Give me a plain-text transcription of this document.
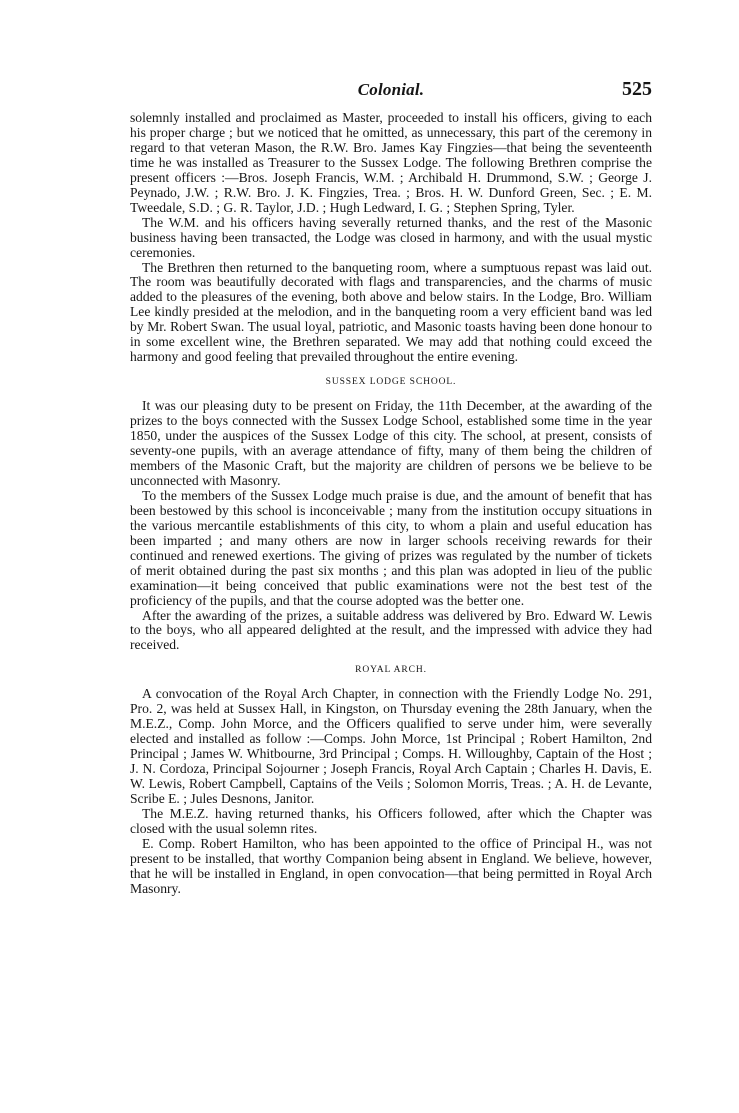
Colonial.	525

solemnly installed and proclaimed as Master, proceeded to install his officers, giving to each his proper charge ; but we noticed that he omitted, as unnecessary, this part of the ceremony in regard to that veteran Mason, the R.W. Bro. James Kay Fingzies—that being the seventeenth time he was installed as Treasurer to the Sussex Lodge. The following Brethren comprise the present officers :—Bros. Joseph Francis, W.M. ; Archibald H. Drummond, S.W. ; George J. Peynado, J.W. ; R.W. Bro. J. K. Fingzies, Trea. ; Bros. H. W. Dunford Green, Sec. ; E. M. Tweedale, S.D. ; G. R. Taylor, J.D. ; Hugh Ledward, I. G. ; Stephen Spring, Tyler.

The W.M. and his officers having severally returned thanks, and the rest of the Masonic business having been transacted, the Lodge was closed in harmony, and with the usual mystic ceremonies.

The Brethren then returned to the banqueting room, where a sumptuous repast was laid out. The room was beautifully decorated with flags and transparencies, and the charms of music added to the pleasures of the evening, both above and below stairs. In the Lodge, Bro. William Lee kindly presided at the melodion, and in the banqueting room a very efficient band was led by Mr. Robert Swan. The usual loyal, patriotic, and Masonic toasts having been done honour to in some excellent wine, the Brethren separated. We may add that nothing could exceed the harmony and good feeling that prevailed throughout the entire evening.

SUSSEX LODGE SCHOOL.

It was our pleasing duty to be present on Friday, the 11th December, at the awarding of the prizes to the boys connected with the Sussex Lodge School, established some time in the year 1850, under the auspices of the Sussex Lodge of this city. The school, at present, consists of seventy-one pupils, with an average attendance of fifty, many of them being the children of members of the Masonic Craft, but the majority are children of persons we be believe to be unconnected with Masonry.

To the members of the Sussex Lodge much praise is due, and the amount of benefit that has been bestowed by this school is inconceivable ; many from the institution occupy situations in the various mercantile establishments of this city, to whom a plain and useful education has been imparted ; and many others are now in larger schools receiving rewards for their continued and renewed exertions. The giving of prizes was regulated by the number of tickets of merit obtained during the past six months ; and this plan was adopted in lieu of the public examination—it being conceived that public examinations were not the best test of the proficiency of the pupils, and that the course adopted was the better one.

After the awarding of the prizes, a suitable address was delivered by Bro. Edward W. Lewis to the boys, who all appeared delighted at the result, and the impressed with advice they had received.

ROYAL ARCH.

A convocation of the Royal Arch Chapter, in connection with the Friendly Lodge No. 291, Pro. 2, was held at Sussex Hall, in Kingston, on Thursday evening the 28th January, when the M.E.Z., Comp. John Morce, and the Officers qualified to serve under him, were severally elected and installed as follow :—Comps. John Morce, 1st Principal ; Robert Hamilton, 2nd Principal ; James W. Whitbourne, 3rd Principal ; Comps. H. Willoughby, Captain of the Host ; J. N. Cordoza, Principal Sojourner ; Joseph Francis, Royal Arch Captain ; Charles H. Davis, E. W. Lewis, Robert Campbell, Captains of the Veils ; Solomon Morris, Treas. ; A. H. de Levante, Scribe E. ; Jules Desnons, Janitor.

The M.E.Z. having returned thanks, his Officers followed, after which the Chapter was closed with the usual solemn rites.

E. Comp. Robert Hamilton, who has been appointed to the office of Principal H., was not present to be installed, that worthy Companion being absent in England. We believe, however, that he will be installed in England, in open convocation—that being permitted in Royal Arch Masonry.
